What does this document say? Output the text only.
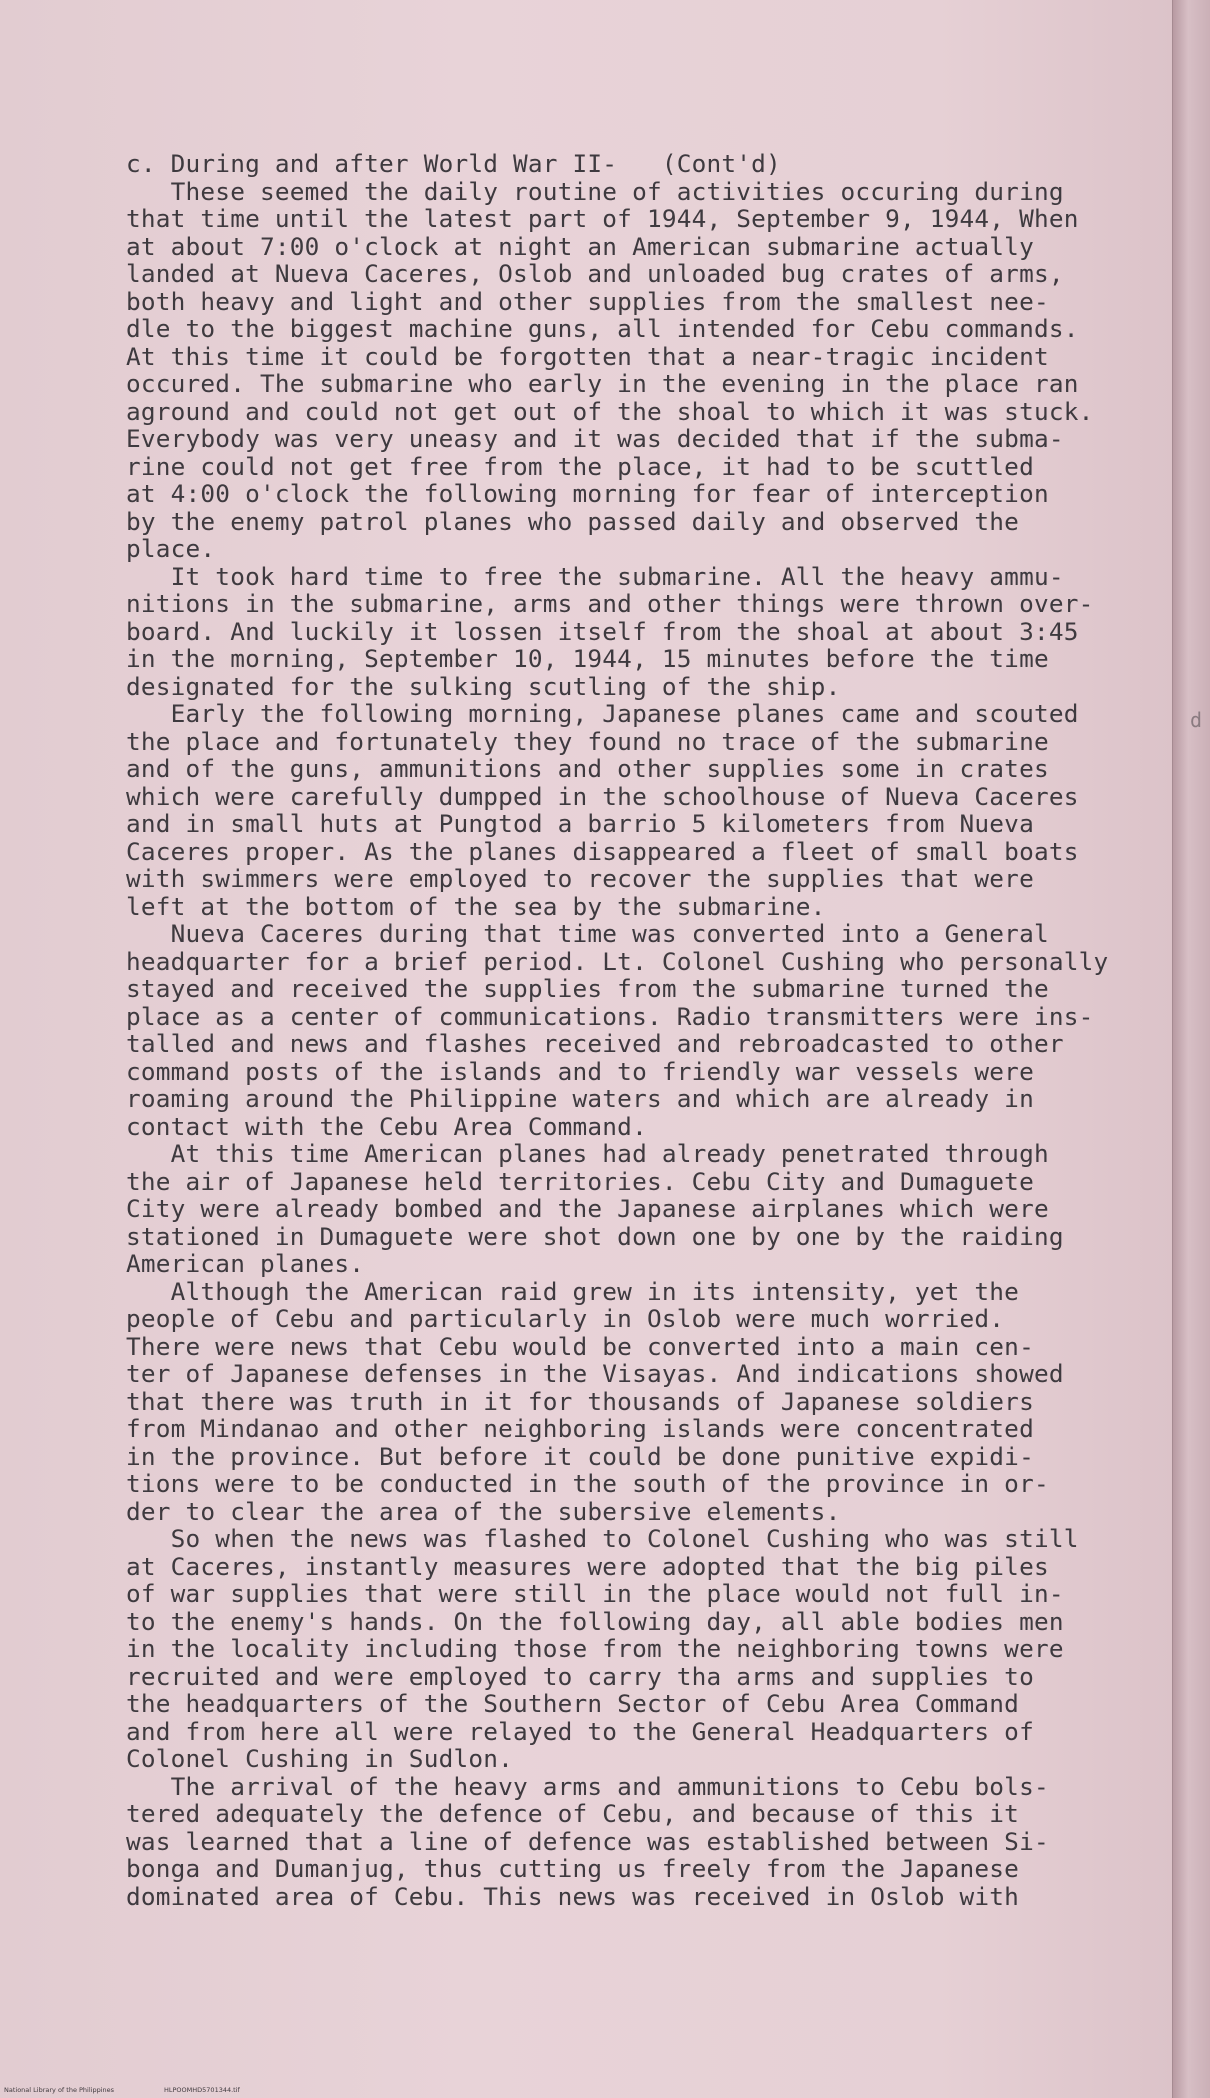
c. During and after World War II-   (Cont'd)
These seemed the daily routine of activities occuring during
that time until the latest part of 1944, September 9, 1944, When
at about 7:00 o'clock at night an American submarine actually
landed at Nueva Caceres, Oslob and unloaded bug crates of arms,
both heavy and light and other supplies from the smallest nee-
dle to the biggest machine guns, all intended for Cebu commands.
At this time it could be forgotten that a near-tragic incident
occured. The submarine who early in the evening in the place ran
aground and could not get out of the shoal to which it was stuck.
Everybody was very uneasy and it was decided that if the subma-
rine could not get free from the place, it had to be scuttled
at 4:00 o'clock the following morning for fear of interception
by the enemy patrol planes who passed daily and observed the
place.
It took hard time to free the submarine. All the heavy ammu-
nitions in the submarine, arms and other things were thrown over-
board. And luckily it lossen itself from the shoal at about 3:45
in the morning, September 10, 1944, 15 minutes before the time
designated for the sulking scutling of the ship.
Early the following morning, Japanese planes came and scouted
the place and fortunately they found no trace of the submarine
and of the guns, ammunitions and other supplies some in crates
which were carefully dumpped in the schoolhouse of Nueva Caceres
and in small huts at Pungtod a barrio 5 kilometers from Nueva
Caceres proper. As the planes disappeared a fleet of small boats
with swimmers were employed to recover the supplies that were
left at the bottom of the sea by the submarine.
Nueva Caceres during that time was converted into a General
headquarter for a brief period. Lt. Colonel Cushing who personally
stayed and received the supplies from the submarine turned the
place as a center of communications. Radio transmitters were ins-
talled and news and flashes received and rebroadcasted to other
command posts of the islands and to friendly war vessels were
roaming around the Philippine waters and which are already in
contact with the Cebu Area Command.
At this time American planes had already penetrated through
the air of Japanese held territories. Cebu City and Dumaguete
City were already bombed and the Japanese airplanes which were
stationed in Dumaguete were shot down one by one by the raiding
American planes.
Although the American raid grew in its intensity, yet the
people of Cebu and particularly in Oslob were much worried.
There were news that Cebu would be converted into a main cen-
ter of Japanese defenses in the Visayas. And indications showed
that there was truth in it for thousands of Japanese soldiers
from Mindanao and other neighboring islands were concentrated
in the province. But before it could be done punitive expidi-
tions were to be conducted in the south of the province in or-
der to clear the area of the subersive elements.
So when the news was flashed to Colonel Cushing who was still
at Caceres, instantly measures were adopted that the big piles
of war supplies that were still in the place would not full in-
to the enemy's hands. On the following day, all able bodies men
in the locality including those from the neighboring towns were
recruited and were employed to carry tha arms and supplies to
the headquarters of the Southern Sector of Cebu Area Command
and from here all were relayed to the General Headquarters of
Colonel Cushing in Sudlon.
The arrival of the heavy arms and ammunitions to Cebu bols-
tered adequately the defence of Cebu, and because of this it
was learned that a line of defence was established between Si-
bonga and Dumanjug, thus cutting us freely from the Japanese
dominated area of Cebu. This news was received in Oslob with
National Library of the Philippines	HLPOOMHD5701344.tif
d
